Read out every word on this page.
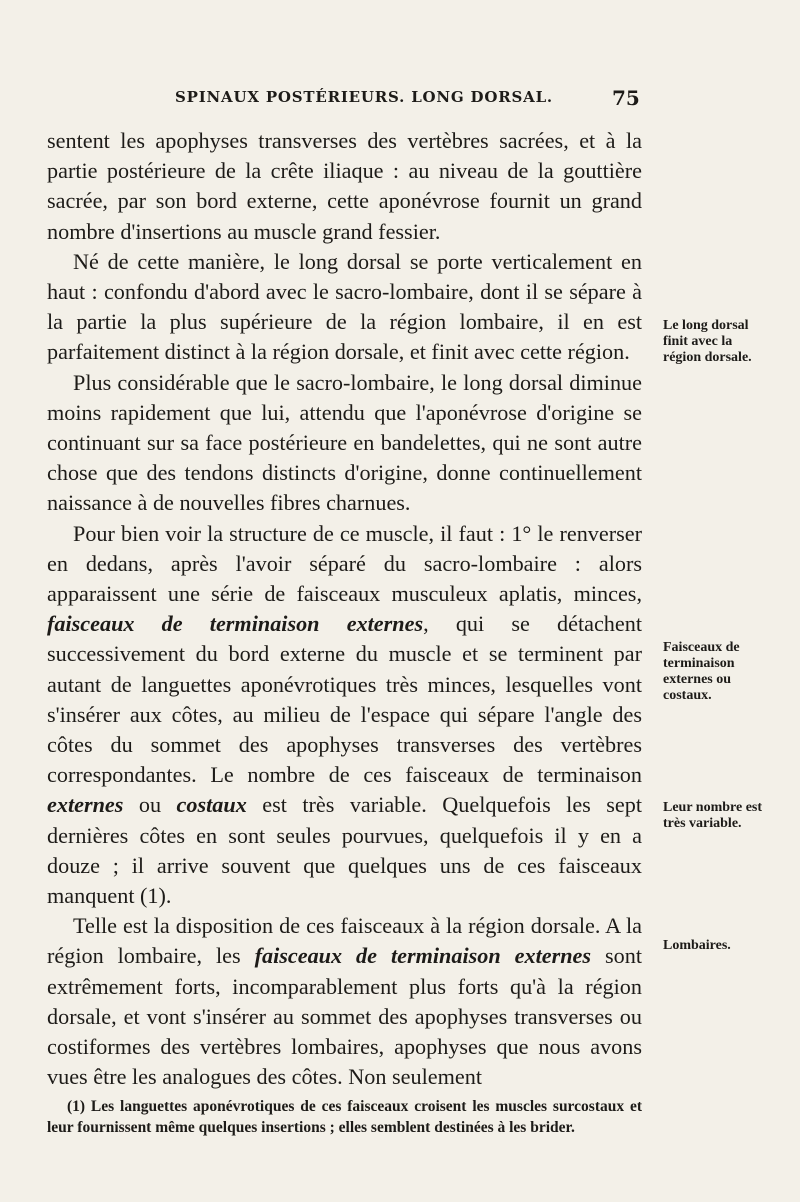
SPINAUX POSTÉRIEURS. LONG DORSAL.	75

sentent les apophyses transverses des vertèbres sacrées, et à la partie postérieure de la crête iliaque : au niveau de la gouttière sacrée, par son bord externe, cette aponévrose fournit un grand nombre d'insertions au muscle grand fessier.

Né de cette manière, le long dorsal se porte verticalement en haut : confondu d'abord avec le sacro-lombaire, dont il se sépare à la partie la plus supérieure de la région lombaire, il en est parfaitement distinct à la région dorsale, et finit avec cette région.

Plus considérable que le sacro-lombaire, le long dorsal diminue moins rapidement que lui, attendu que l'aponévrose d'origine se continuant sur sa face postérieure en bandelettes, qui ne sont autre chose que des tendons distincts d'origine, donne continuellement naissance à de nouvelles fibres charnues.

Pour bien voir la structure de ce muscle, il faut : 1° le renverser en dedans, après l'avoir séparé du sacro-lombaire : alors apparaissent une série de faisceaux musculeux aplatis, minces, faisceaux de terminaison externes, qui se détachent successivement du bord externe du muscle et se terminent par autant de languettes aponévrotiques très minces, lesquelles vont s'insérer aux côtes, au milieu de l'espace qui sépare l'angle des côtes du sommet des apophyses transverses des vertèbres correspondantes. Le nombre de ces faisceaux de terminaison externes ou costaux est très variable. Quelquefois les sept dernières côtes en sont seules pourvues, quelquefois il y en a douze ; il arrive souvent que quelques uns de ces faisceaux manquent (1).

Telle est la disposition de ces faisceaux à la région dorsale. A la région lombaire, les faisceaux de terminaison externes sont extrêmement forts, incomparablement plus forts qu'à la région dorsale, et vont s'insérer au sommet des apophyses transverses ou costiformes des vertèbres lombaires, apophyses que nous avons vues être les analogues des côtes. Non seulement

Le long dorsal finit avec la région dorsale.
Faisceaux de terminaison externes ou costaux.
Leur nombre est très variable.
Lombaires.
(1) Les languettes aponévrotiques de ces faisceaux croisent les muscles surcostaux et leur fournissent même quelques insertions ; elles semblent destinées à les brider.
